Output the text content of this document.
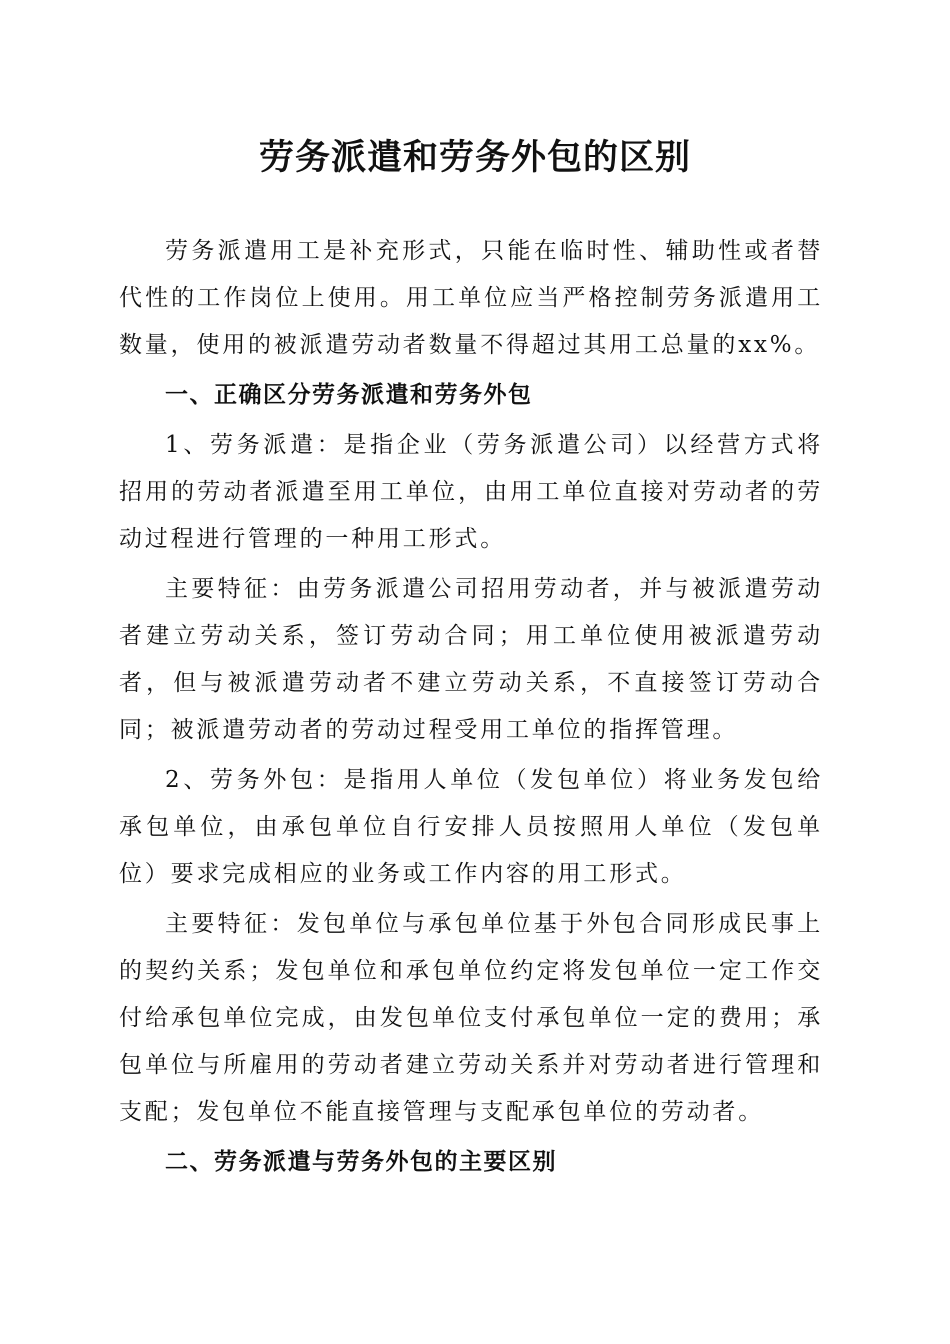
劳务派遣和劳务外包的区别

劳务派遣用工是补充形式，只能在临时性、辅助性或者替代性的工作岗位上使用。用工单位应当严格控制劳务派遣用工数量，使用的被派遣劳动者数量不得超过其用工总量的xx%。

一、正确区分劳务派遣和劳务外包

1、劳务派遣：是指企业（劳务派遣公司）以经营方式将招用的劳动者派遣至用工单位，由用工单位直接对劳动者的劳动过程进行管理的一种用工形式。

主要特征：由劳务派遣公司招用劳动者，并与被派遣劳动者建立劳动关系，签订劳动合同；用工单位使用被派遣劳动者，但与被派遣劳动者不建立劳动关系，不直接签订劳动合同；被派遣劳动者的劳动过程受用工单位的指挥管理。

2、劳务外包：是指用人单位（发包单位）将业务发包给承包单位，由承包单位自行安排人员按照用人单位（发包单位）要求完成相应的业务或工作内容的用工形式。

主要特征：发包单位与承包单位基于外包合同形成民事上的契约关系；发包单位和承包单位约定将发包单位一定工作交付给承包单位完成，由发包单位支付承包单位一定的费用；承包单位与所雇用的劳动者建立劳动关系并对劳动者进行管理和支配；发包单位不能直接管理与支配承包单位的劳动者。

二、劳务派遣与劳务外包的主要区别
